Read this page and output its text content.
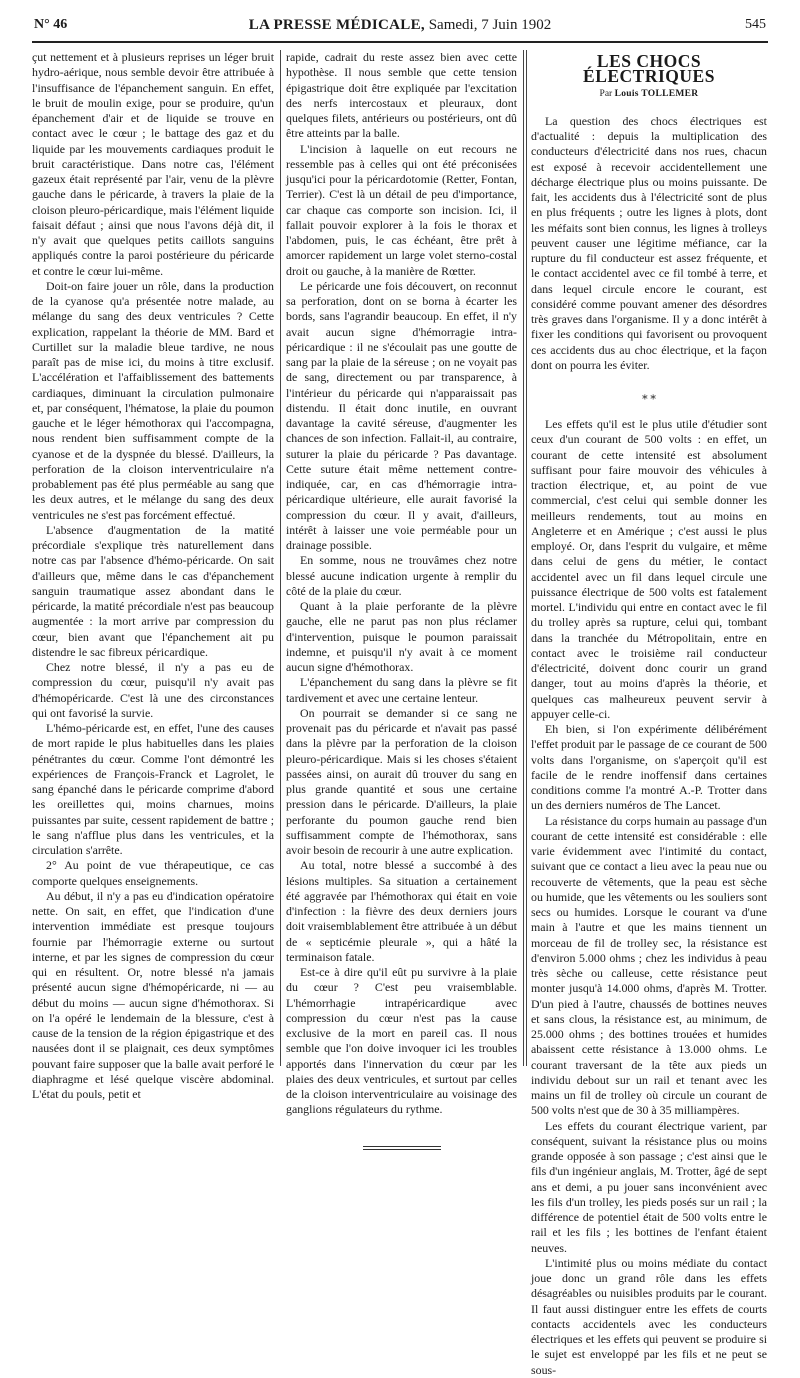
N° 46	LA PRESSE MÉDICALE, Samedi, 7 Juin 1902	545

çut nettement et à plusieurs reprises un léger bruit hydro-aérique, nous semble devoir être attribuée à l'insuffisance de l'épanchement sanguin. En effet, le bruit de moulin exige, pour se produire, qu'un épanchement d'air et de liquide se trouve en contact avec le cœur ; le battage des gaz et du liquide par les mouvements cardiaques produit le bruit caractéristique. Dans notre cas, l'élément gazeux était représenté par l'air, venu de la plèvre gauche dans le péricarde, à travers la plaie de la cloison pleuro-péricardique, mais l'élément liquide faisait défaut ; ainsi que nous l'avons déjà dit, il n'y avait que quelques petits caillots sanguins appliqués contre la paroi postérieure du péricarde et contre le cœur lui-même.

Doit-on faire jouer un rôle, dans la production de la cyanose qu'a présentée notre malade, au mélange du sang des deux ventricules ? Cette explication, rappelant la théorie de MM. Bard et Curtillet sur la maladie bleue tardive, ne nous paraît pas de mise ici, du moins à titre exclusif. L'accélération et l'affaiblissement des battements cardiaques, diminuant la circulation pulmonaire et, par conséquent, l'hématose, la plaie du poumon gauche et le léger hémothorax qui l'accompagna, nous rendent bien suffisamment compte de la cyanose et de la dyspnée du blessé. D'ailleurs, la perforation de la cloison interventriculaire n'a probablement pas été plus perméable au sang que les deux autres, et le mélange du sang des deux ventricules ne s'est pas forcément effectué.

L'absence d'augmentation de la matité précordiale s'explique très naturellement dans notre cas par l'absence d'hémo-péricarde. On sait d'ailleurs que, même dans le cas d'épanchement sanguin traumatique assez abondant dans le péricarde, la matité précordiale n'est pas beaucoup augmentée : la mort arrive par compression du cœur, bien avant que l'épanchement ait pu distendre le sac fibreux péricardique.

Chez notre blessé, il n'y a pas eu de compression du cœur, puisqu'il n'y avait pas d'hémopéricarde. C'est là une des circonstances qui ont favorisé la survie.

L'hémo-péricarde est, en effet, l'une des causes de mort rapide le plus habituelles dans les plaies pénétrantes du cœur. Comme l'ont démontré les expériences de François-Franck et Lagrolet, le sang épanché dans le péricarde comprime d'abord les oreillettes qui, moins charnues, moins puissantes par suite, cessent rapidement de battre ; le sang n'afflue plus dans les ventricules, et la circulation s'arrête.

2° Au point de vue thérapeutique, ce cas comporte quelques enseignements.

Au début, il n'y a pas eu d'indication opératoire nette. On sait, en effet, que l'indication d'une intervention immédiate est presque toujours fournie par l'hémorragie externe ou surtout interne, et par les signes de compression du cœur qui en résultent. Or, notre blessé n'a jamais présenté aucun signe d'hémopéricarde, ni — au début du moins — aucun signe d'hémothorax. Si on l'a opéré le lendemain de la blessure, c'est à cause de la tension de la région épigastrique et des nausées dont il se plaignait, ces deux symptômes pouvant faire supposer que la balle avait perforé le diaphragme et lésé quelque viscère abdominal. L'état du pouls, petit et

rapide, cadrait du reste assez bien avec cette hypothèse. Il nous semble que cette tension épigastrique doit être expliquée par l'excitation des nerfs intercostaux et pleuraux, dont quelques filets, antérieurs ou postérieurs, ont dû être atteints par la balle.

L'incision à laquelle on eut recours ne ressemble pas à celles qui ont été préconisées jusqu'ici pour la péricardotomie (Retter, Fontan, Terrier). C'est là un détail de peu d'importance, car chaque cas comporte son incision. Ici, il fallait pouvoir explorer à la fois le thorax et l'abdomen, puis, le cas échéant, être prêt à amorcer rapidement un large volet sterno-costal droit ou gauche, à la manière de Rœtter.

Le péricarde une fois découvert, on reconnut sa perforation, dont on se borna à écarter les bords, sans l'agrandir beaucoup. En effet, il n'y avait aucun signe d'hémorragie intra-péricardique : il ne s'écoulait pas une goutte de sang par la plaie de la séreuse ; on ne voyait pas de sang, directement ou par transparence, à l'intérieur du péricarde qui n'apparaissait pas distendu. Il était donc inutile, en ouvrant davantage la cavité séreuse, d'augmenter les chances de son infection. Fallait-il, au contraire, suturer la plaie du péricarde ? Pas davantage. Cette suture était même nettement contre-indiquée, car, en cas d'hémorragie intra-péricardique ultérieure, elle aurait favorisé la compression du cœur. Il y avait, d'ailleurs, intérêt à laisser une voie perméable pour un drainage possible.

En somme, nous ne trouvâmes chez notre blessé aucune indication urgente à remplir du côté de la plaie du cœur.

Quant à la plaie perforante de la plèvre gauche, elle ne parut pas non plus réclamer d'intervention, puisque le poumon paraissait indemne, et puisqu'il n'y avait à ce moment aucun signe d'hémothorax.

L'épanchement du sang dans la plèvre se fit tardivement et avec une certaine lenteur.

On pourrait se demander si ce sang ne provenait pas du péricarde et n'avait pas passé dans la plèvre par la perforation de la cloison pleuro-péricardique. Mais si les choses s'étaient passées ainsi, on aurait dû trouver du sang en plus grande quantité et sous une certaine pression dans le péricarde. D'ailleurs, la plaie perforante du poumon gauche rend bien suffisamment compte de l'hémothorax, sans avoir besoin de recourir à une autre explication.

Au total, notre blessé a succombé à des lésions multiples. Sa situation a certainement été aggravée par l'hémothorax qui était en voie d'infection : la fièvre des deux derniers jours doit vraisemblablement être attribuée à un début de « septicémie pleurale », qui a hâté la terminaison fatale.

Est-ce à dire qu'il eût pu survivre à la plaie du cœur ? C'est peu vraisemblable. L'hémorrhagie intrapéricardique avec compression du cœur n'est pas la cause exclusive de la mort en pareil cas. Il nous semble que l'on doive invoquer ici les troubles apportés dans l'innervation du cœur par les plaies des deux ventricules, et surtout par celles de la cloison interventriculaire au voisinage des ganglions régulateurs du rythme.

LES CHOCS ÉLECTRIQUES
Par Louis TOLLEMER

La question des chocs électriques est d'actualité : depuis la multiplication des conducteurs d'électricité dans nos rues, chacun est exposé à recevoir accidentellement une décharge électrique plus ou moins puissante. De fait, les accidents dus à l'électricité sont de plus en plus fréquents ; outre les lignes à plots, dont les méfaits sont bien connus, les lignes à trolleys peuvent causer une légitime méfiance, car la rupture du fil conducteur est assez fréquente, et le contact accidentel avec ce fil tombé à terre, et dans lequel circule encore le courant, est considéré comme pouvant amener des désordres très graves dans l'organisme. Il y a donc intérêt à fixer les conditions qui favorisent ou provoquent ces accidents dus au choc électrique, et la façon dont on pourra les éviter.

⁎ ⁎

Les effets qu'il est le plus utile d'étudier sont ceux d'un courant de 500 volts : en effet, un courant de cette intensité est absolument suffisant pour faire mouvoir des véhicules à traction électrique, et, au point de vue commercial, c'est celui qui semble donner les meilleurs rendements, tout au moins en Angleterre et en Amérique ; c'est aussi le plus employé. Or, dans l'esprit du vulgaire, et même dans celui de gens du métier, le contact accidentel avec un fil dans lequel circule une puissance électrique de 500 volts est fatalement mortel. L'individu qui entre en contact avec le fil du trolley après sa rupture, celui qui, tombant dans la tranchée du Métropolitain, entre en contact avec le troisième rail conducteur d'électricité, doivent donc courir un grand danger, tout au moins d'après la théorie, et quelques cas malheureux peuvent servir à appuyer celle-ci.

Eh bien, si l'on expérimente délibérément l'effet produit par le passage de ce courant de 500 volts dans l'organisme, on s'aperçoit qu'il est facile de le rendre inoffensif dans certaines conditions comme l'a montré A.-P. Trotter dans un des derniers numéros de The Lancet.

La résistance du corps humain au passage d'un courant de cette intensité est considérable : elle varie évidemment avec l'intimité du contact, suivant que ce contact a lieu avec la peau nue ou recouverte de vêtements, que la peau est sèche ou humide, que les vêtements ou les souliers sont secs ou humides. Lorsque le courant va d'une main à l'autre et que les mains tiennent un morceau de fil de trolley sec, la résistance est d'environ 5.000 ohms ; chez les individus à peau très sèche ou calleuse, cette résistance peut monter jusqu'à 14.000 ohms, d'après M. Trotter. D'un pied à l'autre, chaussés de bottines neuves et sans clous, la résistance est, au minimum, de 25.000 ohms ; des bottines trouées et humides abaissent cette résistance à 13.000 ohms. Le courant traversant de la tête aux pieds un individu debout sur un rail et tenant avec les mains un fil de trolley où circule un courant de 500 volts n'est que de 30 à 35 milliampères.

Les effets du courant électrique varient, par conséquent, suivant la résistance plus ou moins grande opposée à son passage ; c'est ainsi que le fils d'un ingénieur anglais, M. Trotter, âgé de sept ans et demi, a pu jouer sans inconvénient avec les fils d'un trolley, les pieds posés sur un rail ; la différence de potentiel était de 500 volts entre le rail et les fils ; les bottines de l'enfant étaient neuves.

L'intimité plus ou moins médiate du contact joue donc un grand rôle dans les effets désagréables ou nuisibles produits par le courant. Il faut aussi distinguer entre les effets de courts contacts accidentels avec les conducteurs électriques et les effets qui peuvent se produire si le sujet est enveloppé par les fils et ne peut se sous-
